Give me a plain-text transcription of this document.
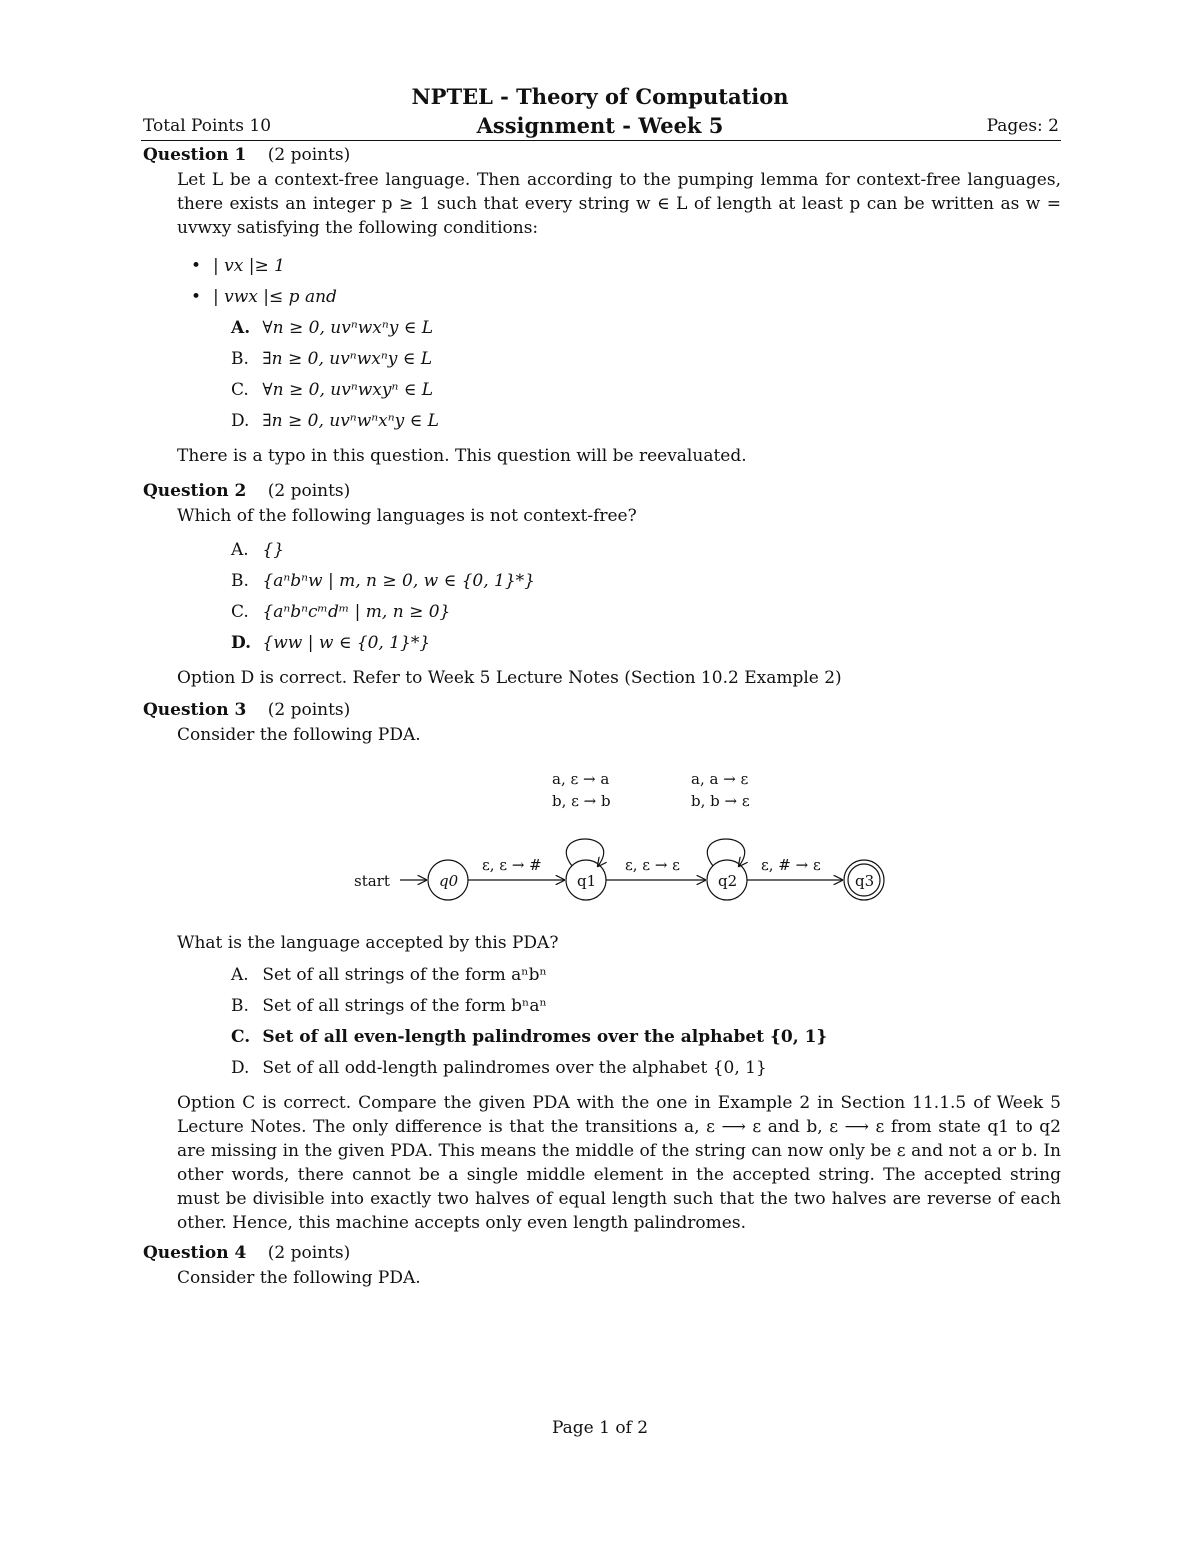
NPTEL - Theory of Computation
Total Points 10	Assignment - Week 5	Pages: 2
Question 1 (2 points)
Let L be a context-free language. Then according to the pumping lemma for context-free languages, there exists an integer p ≥ 1 such that every string w ∈ L of length at least p can be written as w = uvwxy satisfying the following conditions:
• | vx |≥ 1
• | vwx |≤ p and
A. ∀n ≥ 0, uvⁿwxⁿy ∈ L
B. ∃n ≥ 0, uvⁿwxⁿy ∈ L
C. ∀n ≥ 0, uvⁿwxyⁿ ∈ L
D. ∃n ≥ 0, uvⁿwⁿxⁿy ∈ L
There is a typo in this question. This question will be reevaluated.
Question 2 (2 points)
Which of the following languages is not context-free?
A. {}
B. {aⁿbⁿw | m, n ≥ 0, w ∈ {0, 1}*}
C. {aⁿbⁿcᵐdᵐ | m, n ≥ 0}
D. {ww | w ∈ {0, 1}*}
Option D is correct. Refer to Week 5 Lecture Notes (Section 10.2 Example 2)
Question 3 (2 points)
Consider the following PDA.
start	q0	q1	q2	q3
ε, ε → #	ε, ε → ε	ε, # → ε
a, ε → a
b, ε → b
a, a → ε
b, b → ε
What is the language accepted by this PDA?
A. Set of all strings of the form aⁿbⁿ
B. Set of all strings of the form bⁿaⁿ
C. Set of all even-length palindromes over the alphabet {0, 1}
D. Set of all odd-length palindromes over the alphabet {0, 1}
Option C is correct. Compare the given PDA with the one in Example 2 in Section 11.1.5 of Week 5 Lecture Notes. The only difference is that the transitions a, ε ⟶ ε and b, ε ⟶ ε from state q1 to q2 are missing in the given PDA. This means the middle of the string can now only be ε and not a or b. In other words, there cannot be a single middle element in the accepted string. The accepted string must be divisible into exactly two halves of equal length such that the two halves are reverse of each other. Hence, this machine accepts only even length palindromes.
Question 4 (2 points)
Consider the following PDA.
Page 1 of 2
